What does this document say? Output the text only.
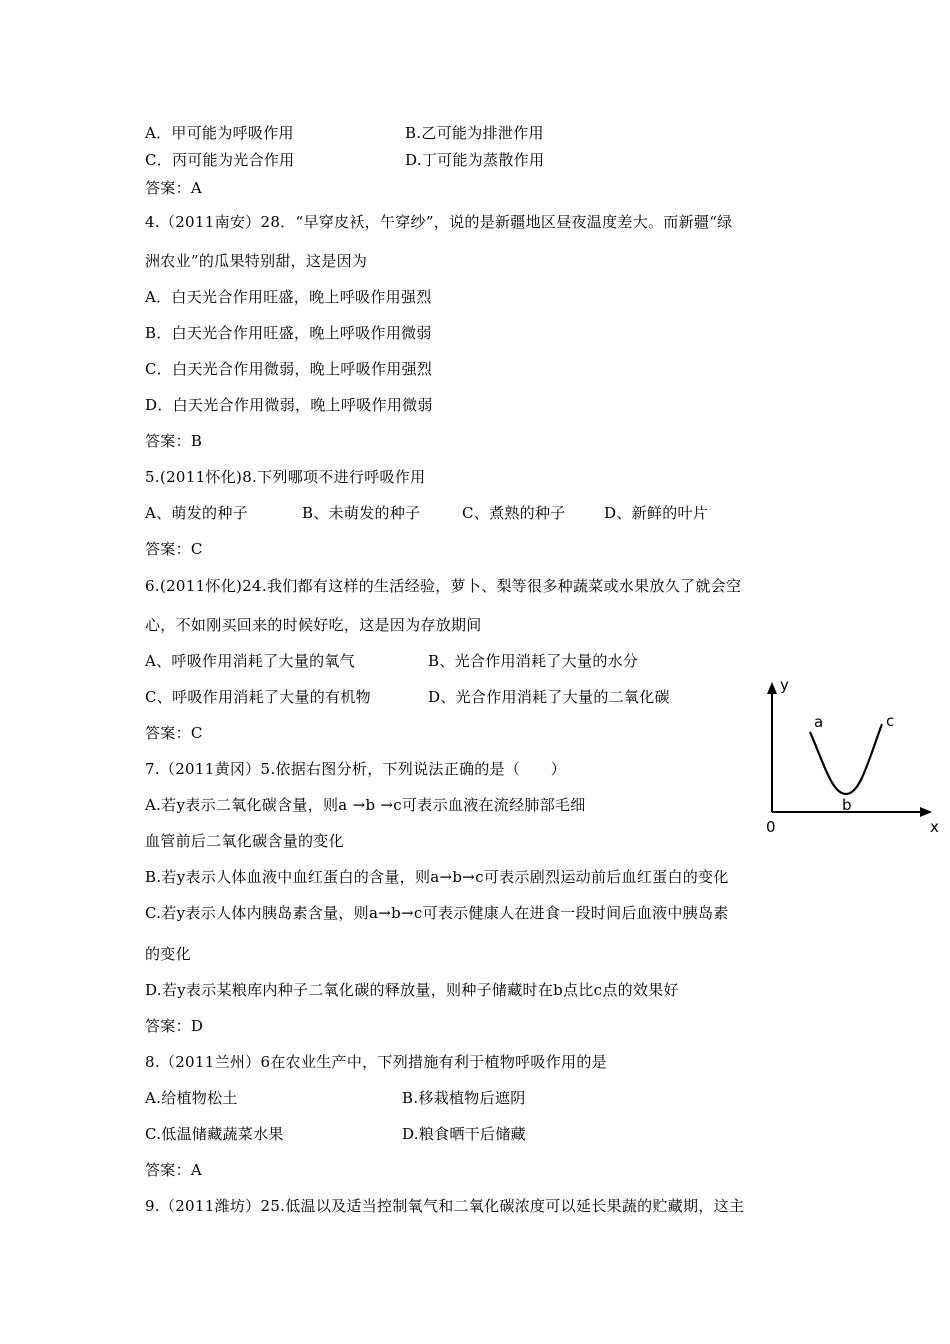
A．甲可能为呼吸作用	B.乙可能为排泄作用
C．丙可能为光合作用	D.丁可能为蒸散作用
答案：A
4.（2011南安）28．“早穿皮袄，午穿纱”，说的是新疆地区昼夜温度差大。而新疆“绿
洲农业”的瓜果特别甜，这是因为
A．白天光合作用旺盛，晚上呼吸作用强烈
B．白天光合作用旺盛，晚上呼吸作用微弱
C．白天光合作用微弱，晚上呼吸作用强烈
D．白天光合作用微弱，晚上呼吸作用微弱
答案：B
5.(2011怀化)8.下列哪项不进行呼吸作用
A、萌发的种子	B、未萌发的种子	C、煮熟的种子	D、新鲜的叶片
答案：C
6.(2011怀化)24.我们都有这样的生活经验，萝卜、梨等很多种蔬菜或水果放久了就会空
心，不如刚买回来的时候好吃，这是因为存放期间
A、呼吸作用消耗了大量的氧气	B、光合作用消耗了大量的水分
C、呼吸作用消耗了大量的有机物	D、光合作用消耗了大量的二氧化碳
答案：C
7.（2011黄冈）5.依据右图分析，下列说法正确的是（　　）
A.若y表示二氧化碳含量，则a →b →c可表示血液在流经肺部毛细
血管前后二氧化碳含量的变化
B.若y表示人体血液中血红蛋白的含量，则a→b→c可表示剧烈运动前后血红蛋白的变化
C.若y表示人体内胰岛素含量，则a→b→c可表示健康人在进食一段时间后血液中胰岛素
的变化
D.若y表示某粮库内种子二氧化碳的释放量，则种子储藏时在b点比c点的效果好
答案：D
y
x
0
a
b
c
8.（2011兰州）6在农业生产中，下列措施有利于植物呼吸作用的是
A.给植物松土	B.移栽植物后遮阴
C.低温储藏蔬菜水果	D.粮食晒干后储藏
答案：A
9.（2011潍坊）25.低温以及适当控制氧气和二氧化碳浓度可以延长果蔬的贮藏期，这主
